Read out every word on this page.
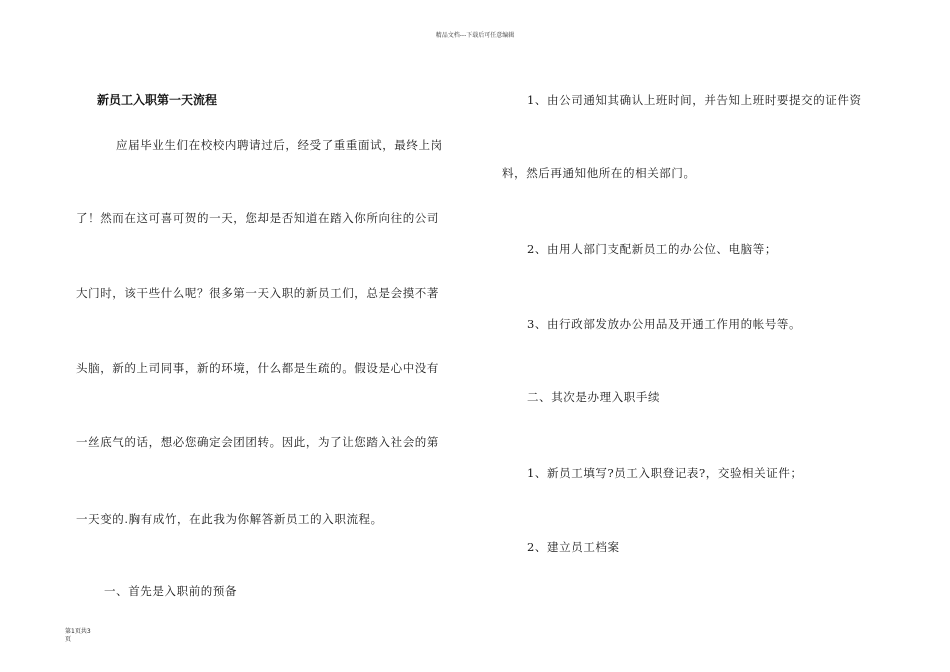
精品文档---下载后可任意编辑
新员工入职第一天流程
应届毕业生们在校校内聘请过后，经受了重重面试，最终上岗
了！然而在这可喜可贺的一天，您却是否知道在踏入你所向往的公司
大门时，该干些什么呢？很多第一天入职的新员工们，总是会摸不著
头脑，新的上司同事，新的环境，什么都是生疏的。假设是心中没有
一丝底气的话，想必您确定会团团转。因此，为了让您踏入社会的第
一天变的.胸有成竹，在此我为你解答新员工的入职流程。
一、首先是入职前的预备
1、由公司通知其确认上班时间，并告知上班时要提交的证件资
料，然后再通知他所在的相关部门。
2、由用人部门支配新员工的办公位、电脑等；
3、由行政部发放办公用品及开通工作用的帐号等。
二、其次是办理入职手续
1、新员工填写?员工入职登记表?，交验相关证件；
2、建立员工档案
第1页共3
页
